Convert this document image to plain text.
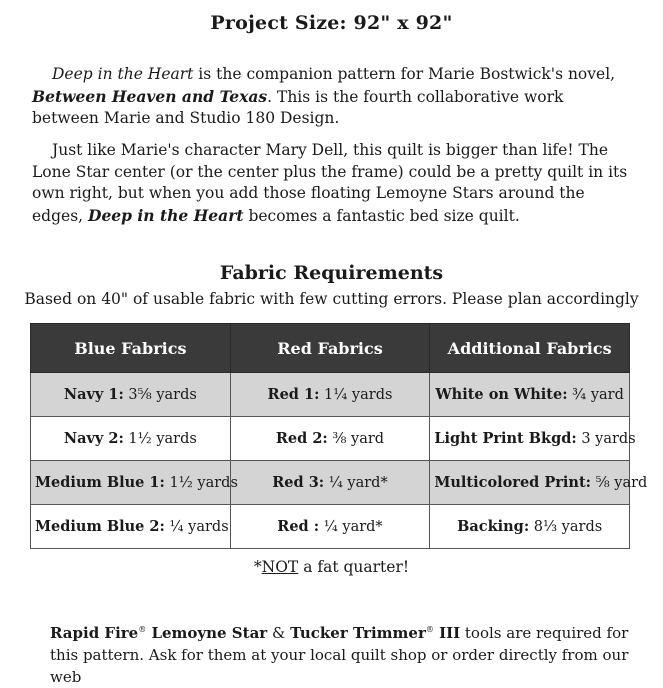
Project Size: 92" x 92"

Deep in the Heart is the companion pattern for Marie Bostwick's novel, Between Heaven and Texas. This is the fourth collaborative work between Marie and Studio 180 Design.

Just like Marie's character Mary Dell, this quilt is bigger than life! The Lone Star center (or the center plus the frame) could be a pretty quilt in its own right, but when you add those floating Lemoyne Stars around the edges, Deep in the Heart becomes a fantastic bed size quilt.

Fabric Requirements
Based on 40" of usable fabric with few cutting errors. Please plan accordingly
Blue Fabrics	Red Fabrics	Additional Fabrics
Navy 1: 3⅝ yards	Red 1: 1¼ yards	White on White: ¾ yard
Navy 2: 1½ yards	Red 2: ⅜ yard	Light Print Bkgd: 3 yards
Medium Blue 1: 1½ yards	Red 3: ¼ yard*	Multicolored Print: ⅝ yard
Medium Blue 2: ¼ yards	Red : ¼ yard*	Backing: 8⅓ yards
*NOT a fat quarter!
Rapid Fire® Lemoyne Star & Tucker Trimmer® III tools are required for this pattern. Ask for them at your local quilt shop or order directly from our web
